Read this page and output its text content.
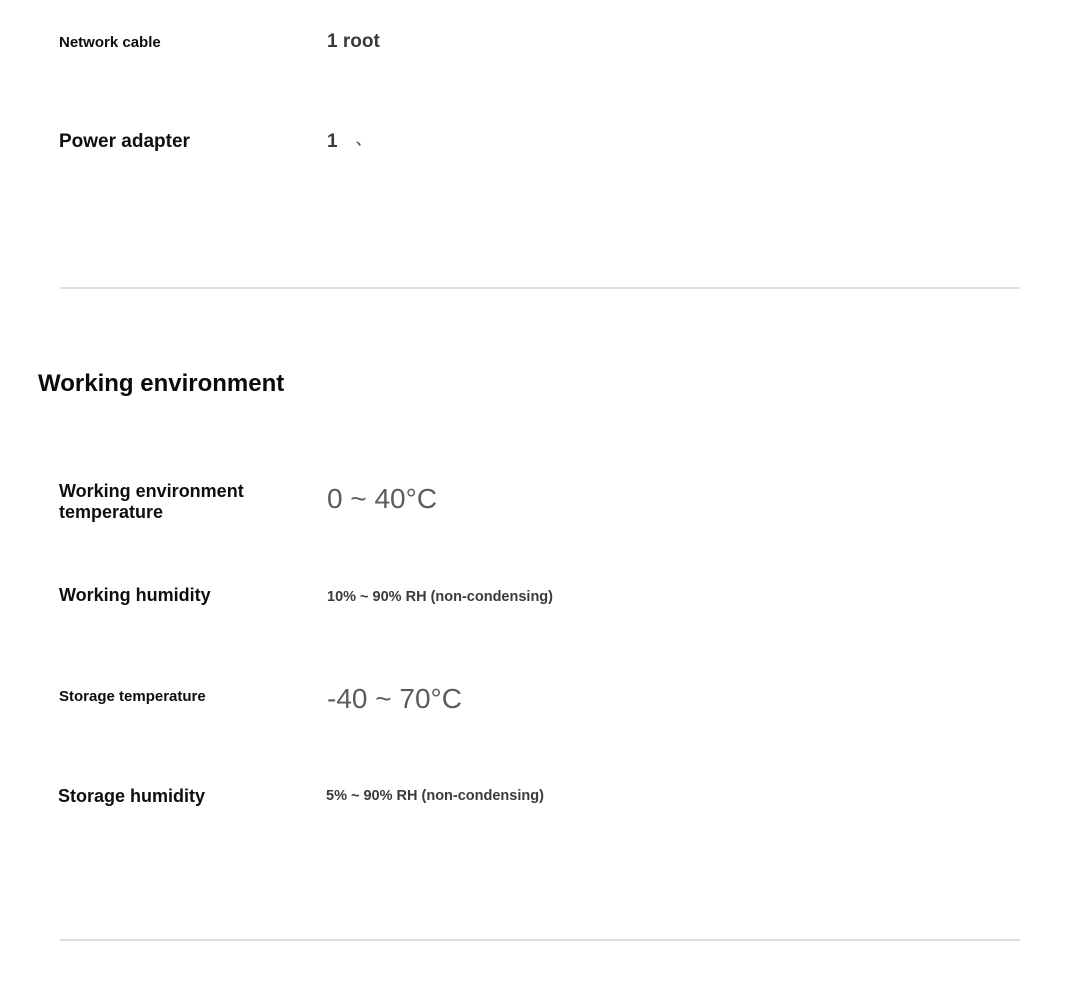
Network cable	1 root
Power adapter	1 、
Working environment
Working environment temperature	0 ~ 40°C
Working humidity	10% ~ 90% RH (non-condensing)
Storage temperature	-40 ~ 70°C
Storage humidity	5% ~ 90% RH (non-condensing)
